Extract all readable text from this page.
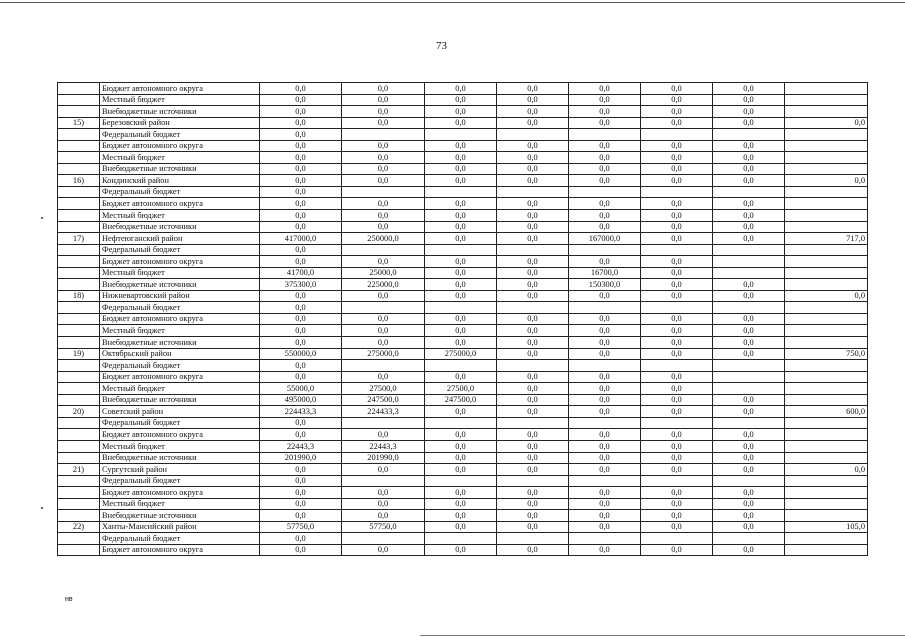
73
	Бюджет автономного округа	0,0	0,0	0,0	0,0	0,0	0,0	0,0	
	Местный бюджет	0,0	0,0	0,0	0,0	0,0	0,0	0,0	
	Внебюджетные источники	0,0	0,0	0,0	0,0	0,0	0,0	0,0	
15)	Березовский район	0,0	0,0	0,0	0,0	0,0	0,0	0,0	0,0
	Федеральный бюджет	0,0							
	Бюджет автономного округа	0,0	0,0	0,0	0,0	0,0	0,0	0,0	
	Местный бюджет	0,0	0,0	0,0	0,0	0,0	0,0	0,0	
	Внебюджетные источники	0,0	0,0	0,0	0,0	0,0	0,0	0,0	
16)	Кондинский район	0,0	0,0	0,0	0,0	0,0	0,0	0,0	0,0
	Федеральный бюджет	0,0							
	Бюджет автономного округа	0,0	0,0	0,0	0,0	0,0	0,0	0,0	
	Местный бюджет	0,0	0,0	0,0	0,0	0,0	0,0	0,0	
	Внебюджетные источники	0,0	0,0	0,0	0,0	0,0	0,0	0,0	
17)	Нефтеюганский район	417000,0	250000,0	0,0	0,0	167000,0	0,0	0,0	717,0
	Федеральный бюджет	0,0							
	Бюджет автономного округа	0,0	0,0	0,0	0,0	0,0	0,0		
	Местный бюджет	41700,0	25000,0	0,0	0,0	16700,0	0,0		
	Внебюджетные источники	375300,0	225000,0	0,0	0,0	150300,0	0,0	0,0	
18)	Нижневартовский район	0,0	0,0	0,0	0,0	0,0	0,0	0,0	0,0
	Федеральный бюджет	0,0							
	Бюджет автономного округа	0,0	0,0	0,0	0,0	0,0	0,0	0,0	
	Местный бюджет	0,0	0,0	0,0	0,0	0,0	0,0	0,0	
	Внебюджетные источники	0,0	0,0	0,0	0,0	0,0	0,0	0,0	
19)	Октябрьский район	550000,0	275000,0	275000,0	0,0	0,0	0,0	0,0	750,0
	Федеральный бюджет	0,0							
	Бюджет автономного округа	0,0	0,0	0,0	0,0	0,0	0,0		
	Местный бюджет	55000,0	27500,0	27500,0	0,0	0,0	0,0		
	Внебюджетные источники	495000,0	247500,0	247500,0	0,0	0,0	0,0	0,0	
20)	Советский район	224433,3	224433,3	0,0	0,0	0,0	0,0	0,0	600,0
	Федеральный бюджет	0,0							
	Бюджет автономного округа	0,0	0,0	0,0	0,0	0,0	0,0	0,0	
	Местный бюджет	22443,3	22443,3	0,0	0,0	0,0	0,0	0,0	
	Внебюджетные источники	201990,0	201990,0	0,0	0,0	0,0	0,0	0,0	
21)	Сургутский район	0,0	0,0	0,0	0,0	0,0	0,0	0,0	0,0
	Федеральный бюджет	0,0							
	Бюджет автономного округа	0,0	0,0	0,0	0,0	0,0	0,0	0,0	
	Местный бюджет	0,0	0,0	0,0	0,0	0,0	0,0	0,0	
	Внебюджетные источники	0,0	0,0	0,0	0,0	0,0	0,0	0,0	
22)	Ханты-Мансийский район	57750,0	57750,0	0,0	0,0	0,0	0,0	0,0	105,0
	Федеральный бюджет	0,0							
	Бюджет автономного округа	0,0	0,0	0,0	0,0	0,0	0,0	0,0	
нв
